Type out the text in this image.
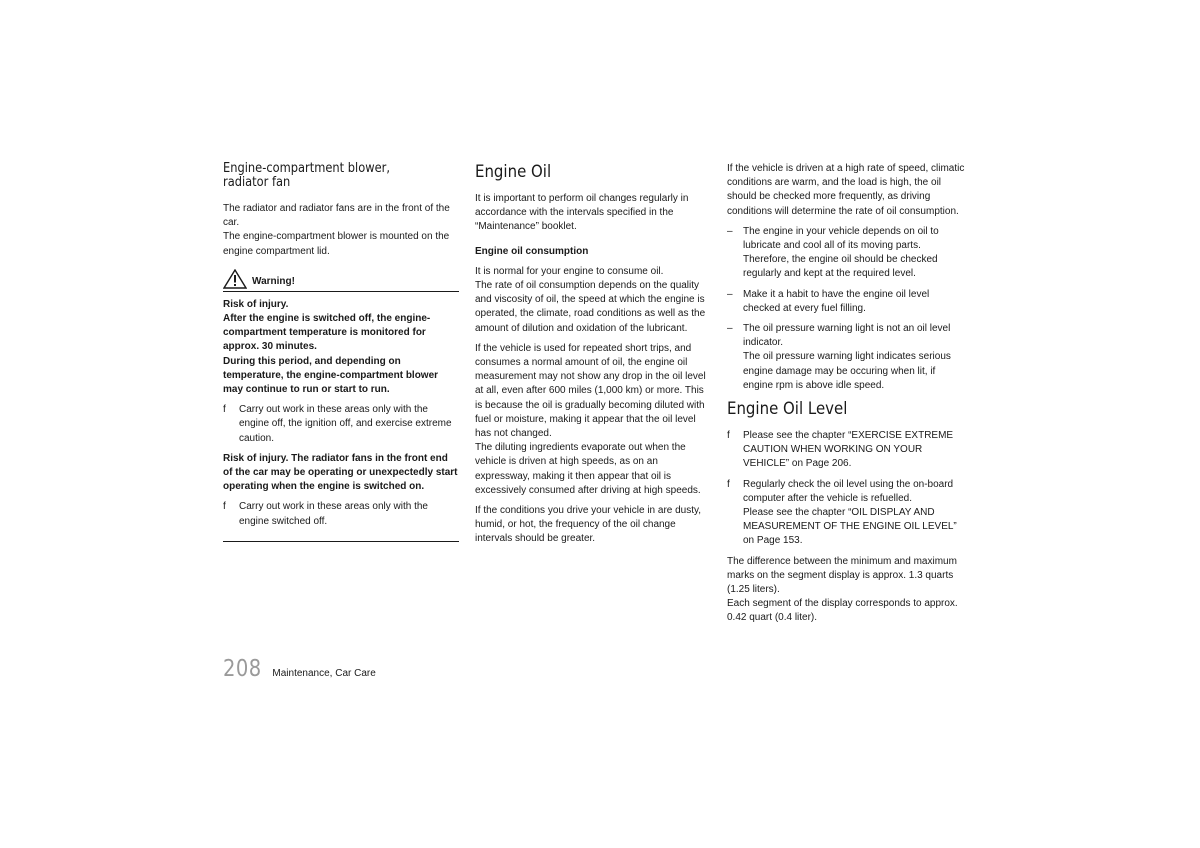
Engine-compartment blower,
radiator fan

The radiator and radiator fans are in the front of the car.

The engine-compartment blower is mounted on the engine compartment lid.

Warning!

Risk of injury.

After the engine is switched off, the engine-compartment temperature is monitored for approx. 30 minutes.

During this period, and depending on temperature, the engine-compartment blower may continue to run or start to run.

f	Carry out work in these areas only with the engine off, the ignition off, and exercise extreme caution.

Risk of injury. The radiator fans in the front end of the car may be operating or unexpectedly start operating when the engine is switched on.

f	Carry out work in these areas only with the engine switched off.
Engine Oil

It is important to perform oil changes regularly in accordance with the intervals specified in the “Maintenance” booklet.

Engine oil consumption

It is normal for your engine to consume oil.

The rate of oil consumption depends on the quality and viscosity of oil, the speed at which the engine is operated, the climate, road conditions as well as the amount of dilution and oxidation of the lubricant.

If the vehicle is used for repeated short trips, and consumes a normal amount of oil, the engine oil measurement may not show any drop in the oil level at all, even after 600 miles (1,000 km) or more. This is because the oil is gradually becoming diluted with fuel or moisture, making it appear that the oil level has not changed.

The diluting ingredients evaporate out when the vehicle is driven at high speeds, as on an expressway, making it then appear that oil is excessively consumed after driving at high speeds.

If the conditions you drive your vehicle in are dusty, humid, or hot, the frequency of the oil change intervals should be greater.

If the vehicle is driven at a high rate of speed, climatic conditions are warm, and the load is high, the oil should be checked more frequently, as driving conditions will determine the rate of oil consumption.

–	The engine in your vehicle depends on oil to lubricate and cool all of its moving parts. Therefore, the engine oil should be checked regularly and kept at the required level.
–	Make it a habit to have the engine oil level checked at every fuel filling.
–	The oil pressure warning light is not an oil level indicator.
The oil pressure warning light indicates serious engine damage may be occuring when lit, if engine rpm is above idle speed.
Engine Oil Level
f	Please see the chapter “EXERCISE EXTREME CAUTION WHEN WORKING ON YOUR VEHICLE” on Page 206.
f	Regularly check the oil level using the on-board computer after the vehicle is refuelled.
Please see the chapter “OIL DISPLAY AND MEASUREMENT OF THE ENGINE OIL LEVEL” on Page 153.

The difference between the minimum and maximum marks on the segment display is approx. 1.3 quarts (1.25 liters).

Each segment of the display corresponds to approx. 0.42 quart (0.4 liter).

208 Maintenance, Car Care
